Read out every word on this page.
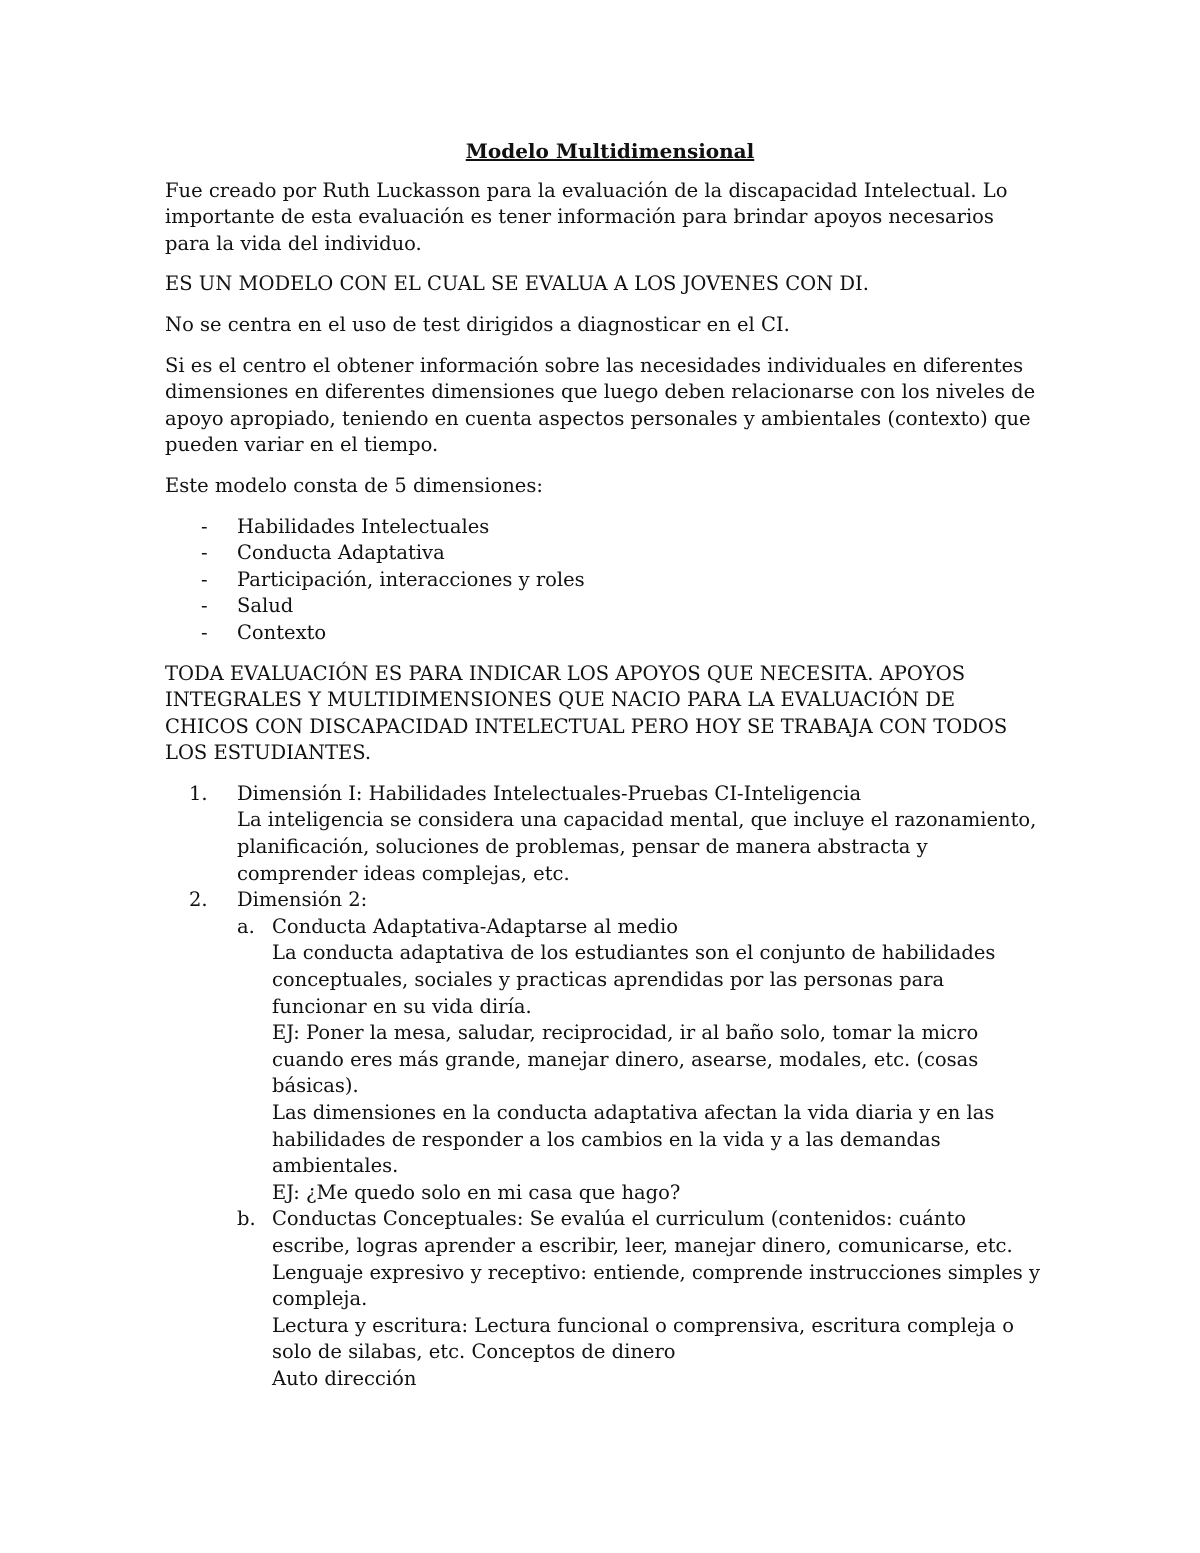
Modelo Multidimensional

Fue creado por Ruth Luckasson para la evaluación de la discapacidad Intelectual. Lo importante de esta evaluación es tener información para brindar apoyos necesarios para la vida del individuo.

ES UN MODELO CON EL CUAL SE EVALUA A LOS JOVENES CON DI.

No se centra en el uso de test dirigidos a diagnosticar en el CI.

Si es el centro el obtener información sobre las necesidades individuales en diferentes dimensiones en diferentes dimensiones que luego deben relacionarse con los niveles de apoyo apropiado, teniendo en cuenta aspectos personales y ambientales (contexto) que pueden variar en el tiempo.

Este modelo consta de 5 dimensiones:

- Habilidades Intelectuales
- Conducta Adaptativa
- Participación, interacciones y roles
- Salud
- Contexto

TODA EVALUACIÓN ES PARA INDICAR LOS APOYOS QUE NECESITA. APOYOS INTEGRALES Y MULTIDIMENSIONES QUE NACIO PARA LA EVALUACIÓN DE CHICOS CON DISCAPACIDAD INTELECTUAL PERO HOY SE TRABAJA CON TODOS LOS ESTUDIANTES.

1. Dimensión I: Habilidades Intelectuales-Pruebas CI-Inteligencia
La inteligencia se considera una capacidad mental, que incluye el razonamiento, planificación, soluciones de problemas, pensar de manera abstracta y comprender ideas complejas, etc.
2. Dimensión 2:
a. Conducta Adaptativa-Adaptarse al medio
La conducta adaptativa de los estudiantes son el conjunto de habilidades conceptuales, sociales y practicas aprendidas por las personas para funcionar en su vida diría.
EJ: Poner la mesa, saludar, reciprocidad, ir al baño solo, tomar la micro cuando eres más grande, manejar dinero, asearse, modales, etc. (cosas básicas).
Las dimensiones en la conducta adaptativa afectan la vida diaria y en las habilidades de responder a los cambios en la vida y a las demandas ambientales.
EJ: ¿Me quedo solo en mi casa que hago?
b. Conductas Conceptuales: Se evalúa el curriculum (contenidos: cuánto escribe, logras aprender a escribir, leer, manejar dinero, comunicarse, etc.
Lenguaje expresivo y receptivo: entiende, comprende instrucciones simples y compleja.
Lectura y escritura: Lectura funcional o comprensiva, escritura compleja o solo de silabas, etc. Conceptos de dinero
Auto dirección
